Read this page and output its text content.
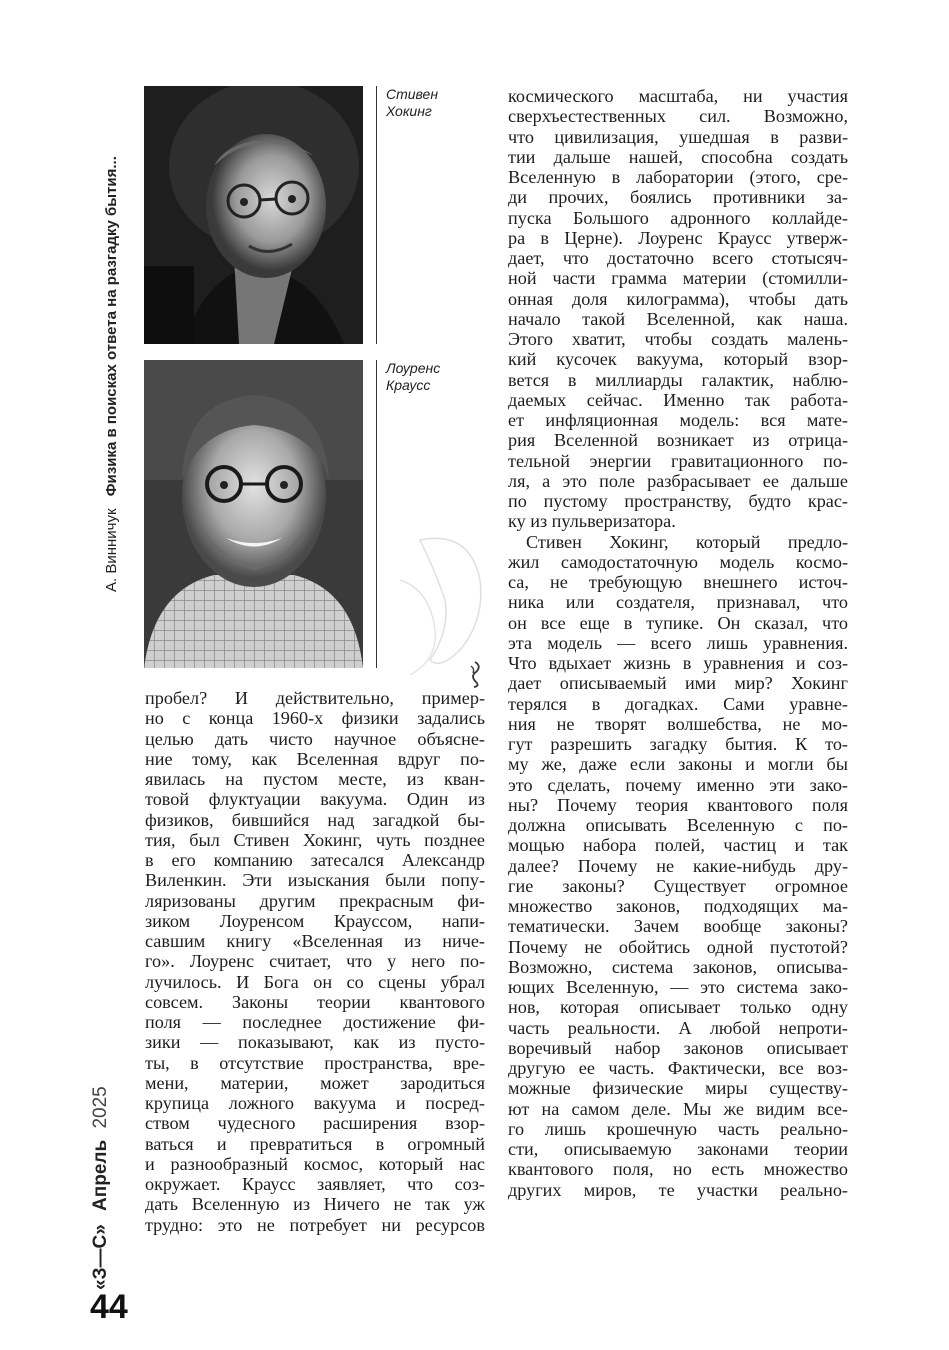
А. Винничук Физика в поисках ответа на разгадку бытия...
«З—С» Апрель 2025
44
Стивен
Хокинг
Лоуренс
Краусс
космического масштаба, ни участия
сверхъестественных сил. Возможно,
что цивилизация, ушедшая в разви-
тии дальше нашей, способна создать
Вселенную в лаборатории (этого, сре-
ди прочих, боялись противники за-
пуска Большого адронного коллайде-
ра в Церне). Лоуренс Краусс утверж-
дает, что достаточно всего стотысяч-
ной части грамма материи (стомилли-
онная доля килограмма), чтобы дать
начало такой Вселенной, как наша.
Этого хватит, чтобы создать малень-
кий кусочек вакуума, который взор-
вется в миллиарды галактик, наблю-
даемых сейчас. Именно так работа-
ет инфляционная модель: вся мате-
рия Вселенной возникает из отрица-
тельной энергии гравитационного по-
ля, а это поле разбрасывает ее дальше
по пустому пространству, будто крас-
ку из пульверизатора.
Стивен Хокинг, который предло-
жил самодостаточную модель космо-
са, не требующую внешнего источ-
ника или создателя, признавал, что
он все еще в тупике. Он сказал, что
эта модель — всего лишь уравнения.
Что вдыхает жизнь в уравнения и соз-
дает описываемый ими мир? Хокинг
терялся в догадках. Сами уравне-
ния не творят волшебства, не мо-
гут разрешить загадку бытия. К то-
му же, даже если законы и могли бы
это сделать, почему именно эти зако-
ны? Почему теория квантового поля
должна описывать Вселенную с по-
мощью набора полей, частиц и так
далее? Почему не какие-нибудь дру-
гие законы? Существует огромное
множество законов, подходящих ма-
тематически. Зачем вообще законы?
Почему не обойтись одной пустотой?
Возможно, система законов, описыва-
ющих Вселенную, — это система зако-
нов, которая описывает только одну
часть реальности. А любой непроти-
воречивый набор законов описывает
другую ее часть. Фактически, все воз-
можные физические миры существу-
ют на самом деле. Мы же видим все-
го лишь крошечную часть реально-
сти, описываемую законами теории
квантового поля, но есть множество
других миров, те участки реально-
пробел? И действительно, пример-
но с конца 1960-х физики задались
целью дать чисто научное объясне-
ние тому, как Вселенная вдруг по-
явилась на пустом месте, из кван-
товой флуктуации вакуума. Один из
физиков, бившийся над загадкой бы-
тия, был Стивен Хокинг, чуть позднее
в его компанию затесался Александр
Виленкин. Эти изыскания были попу-
ляризованы другим прекрасным фи-
зиком Лоуренсом Крауссом, напи-
савшим книгу «Вселенная из ниче-
го». Лоуренс считает, что у него по-
лучилось. И Бога он со сцены убрал
совсем. Законы теории квантового
поля — последнее достижение фи-
зики — показывают, как из пусто-
ты, в отсутствие пространства, вре-
мени, материи, может зародиться
крупица ложного вакуума и посред-
ством чудесного расширения взор-
ваться и превратиться в огромный
и разнообразный космос, который нас
окружает. Краусс заявляет, что соз-
дать Вселенную из Ничего не так уж
трудно: это не потребует ни ресурсов
